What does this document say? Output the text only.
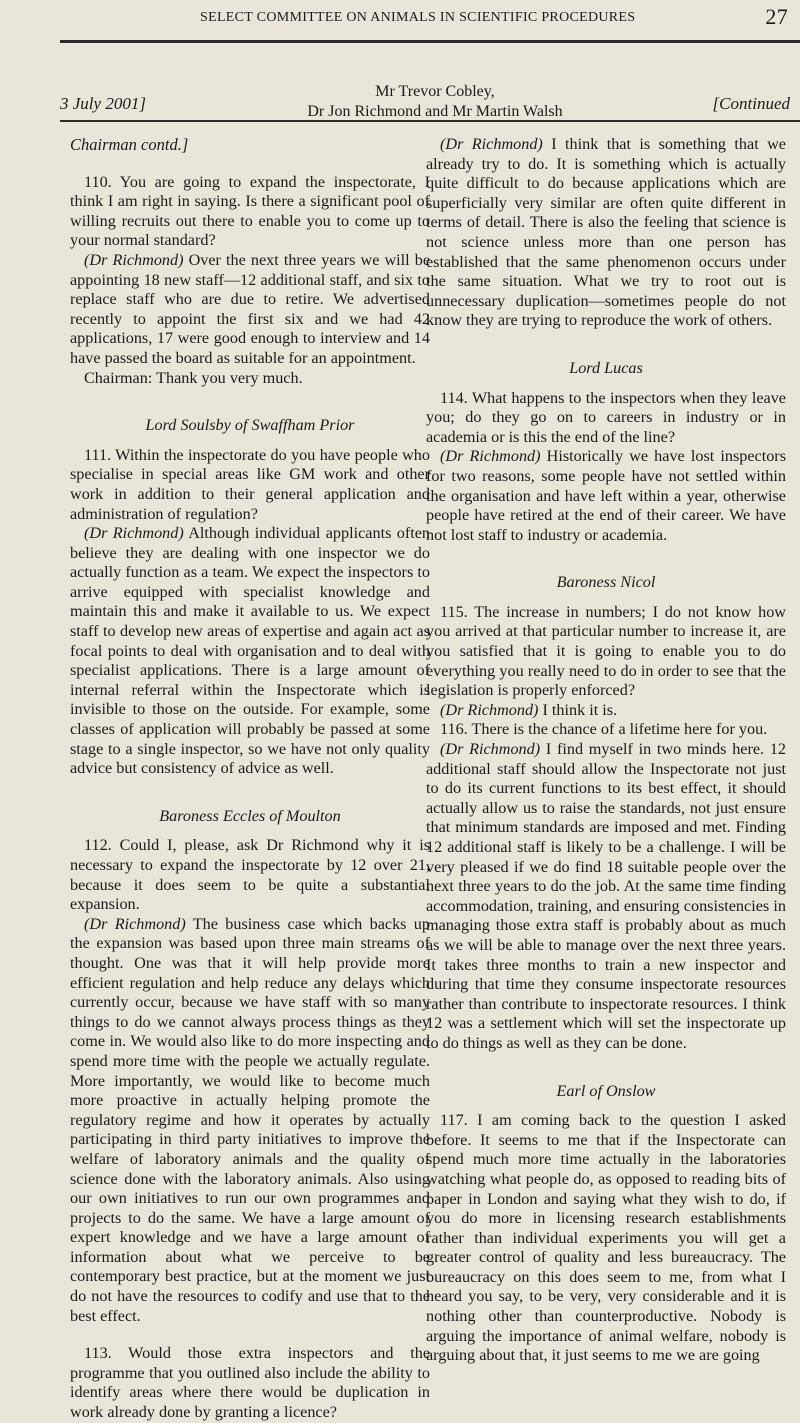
SELECT COMMITTEE ON ANIMALS IN SCIENTIFIC PROCEDURES	27
3 July 2001]
Mr Trevor Cobley,
Dr Jon Richmond and Mr Martin Walsh	[Continued

Chairman contd.]

110. You are going to expand the inspectorate, I think I am right in saying. Is there a significant pool of willing recruits out there to enable you to come up to your normal standard?

(Dr Richmond) Over the next three years we will be appointing 18 new staff—12 additional staff, and six to replace staff who are due to retire. We advertised recently to appoint the first six and we had 42 applications, 17 were good enough to interview and 14 have passed the board as suitable for an appointment.

Chairman: Thank you very much.

Lord Soulsby of Swaffham Prior

111. Within the inspectorate do you have people who specialise in special areas like GM work and other work in addition to their general application and administration of regulation?

(Dr Richmond) Although individual applicants often believe they are dealing with one inspector we do actually function as a team. We expect the inspectors to arrive equipped with specialist knowledge and maintain this and make it available to us. We expect staff to develop new areas of expertise and again act as focal points to deal with organisation and to deal with specialist applications. There is a large amount of internal referral within the Inspectorate which is invisible to those on the outside. For example, some classes of application will probably be passed at some stage to a single inspector, so we have not only quality advice but consistency of advice as well.

Baroness Eccles of Moulton

112. Could I, please, ask Dr Richmond why it is necessary to expand the inspectorate by 12 over 21, because it does seem to be quite a substantial expansion.

(Dr Richmond) The business case which backs up the expansion was based upon three main streams of thought. One was that it will help provide more efficient regulation and help reduce any delays which currently occur, because we have staff with so many things to do we cannot always process things as they come in. We would also like to do more inspecting and spend more time with the people we actually regulate. More importantly, we would like to become much more proactive in actually helping promote the regulatory regime and how it operates by actually participating in third party initiatives to improve the welfare of laboratory animals and the quality of science done with the laboratory animals. Also using our own initiatives to run our own programmes and projects to do the same. We have a large amount of expert knowledge and we have a large amount of information about what we perceive to be contemporary best practice, but at the moment we just do not have the resources to codify and use that to the best effect.

113. Would those extra inspectors and the programme that you outlined also include the ability to identify areas where there would be duplication in work already done by granting a licence?

(Dr Richmond) I think that is something that we already try to do. It is something which is actually quite difficult to do because applications which are superficially very similar are often quite different in terms of detail. There is also the feeling that science is not science unless more than one person has established that the same phenomenon occurs under the same situation. What we try to root out is unnecessary duplication—sometimes people do not know they are trying to reproduce the work of others.

Lord Lucas

114. What happens to the inspectors when they leave you; do they go on to careers in industry or in academia or is this the end of the line?

(Dr Richmond) Historically we have lost inspectors for two reasons, some people have not settled within the organisation and have left within a year, otherwise people have retired at the end of their career. We have not lost staff to industry or academia.

Baroness Nicol

115. The increase in numbers; I do not know how you arrived at that particular number to increase it, are you satisfied that it is going to enable you to do everything you really need to do in order to see that the legislation is properly enforced?

(Dr Richmond) I think it is.

116. There is the chance of a lifetime here for you.

(Dr Richmond) I find myself in two minds here. 12 additional staff should allow the Inspectorate not just to do its current functions to its best effect, it should actually allow us to raise the standards, not just ensure that minimum standards are imposed and met. Finding 12 additional staff is likely to be a challenge. I will be very pleased if we do find 18 suitable people over the next three years to do the job. At the same time finding accommodation, training, and ensuring consistencies in managing those extra staff is probably about as much as we will be able to manage over the next three years. It takes three months to train a new inspector and during that time they consume inspectorate resources rather than contribute to inspectorate resources. I think 12 was a settlement which will set the inspectorate up to do things as well as they can be done.

Earl of Onslow

117. I am coming back to the question I asked before. It seems to me that if the Inspectorate can spend much more time actually in the laboratories watching what people do, as opposed to reading bits of paper in London and saying what they wish to do, if you do more in licensing research establishments rather than individual experiments you will get a greater control of quality and less bureaucracy. The bureaucracy on this does seem to me, from what I heard you say, to be very, very considerable and it is nothing other than counterproductive. Nobody is arguing the importance of animal welfare, nobody is arguing about that, it just seems to me we are going
